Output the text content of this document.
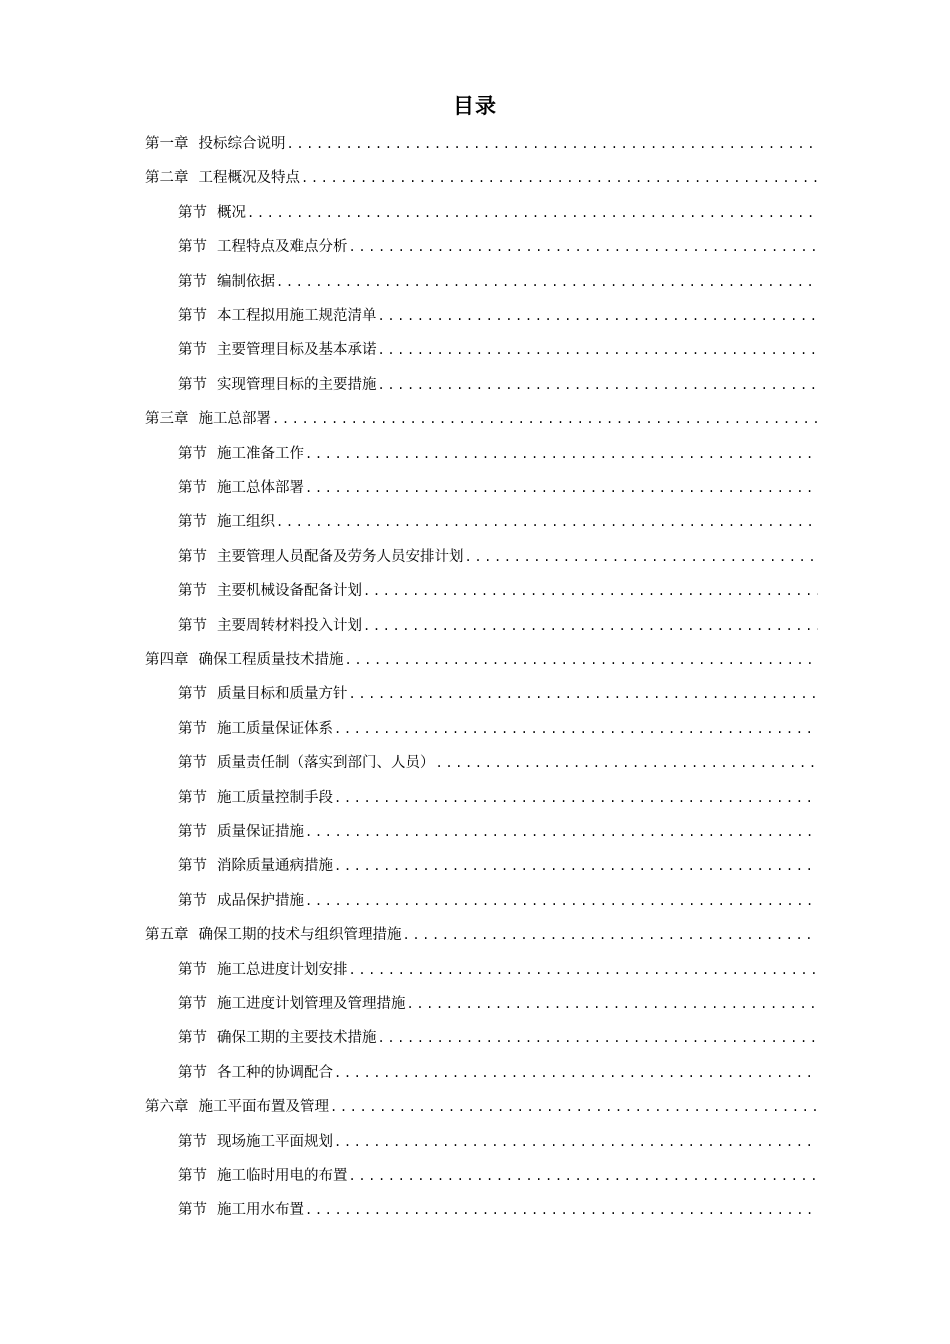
目录
第一章 投标综合说明
.....
第二章 工程概况及特点
.....
第节 概况
.....
第节 工程特点及难点分析
.....
第节 编制依据
.....
第节 本工程拟用施工规范清单
.....
第节 主要管理目标及基本承诺
.....
第节 实现管理目标的主要措施
.....
第三章 施工总部署
.....
第节 施工准备工作
.....
第节 施工总体部署
.....
第节 施工组织
.....
第节 主要管理人员配备及劳务人员安排计划
.....
第节 主要机械设备配备计划
.....
第节 主要周转材料投入计划
.....
第四章 确保工程质量技术措施
.....
第节 质量目标和质量方针
.....
第节 施工质量保证体系
.....
第节 质量责任制（落实到部门、人员）
.....
第节 施工质量控制手段
.....
第节 质量保证措施
.....
第节 消除质量通病措施
.....
第节 成品保护措施
.....
第五章 确保工期的技术与组织管理措施
.....
第节 施工总进度计划安排
.....
第节 施工进度计划管理及管理措施
.....
第节 确保工期的主要技术措施
.....
第节 各工种的协调配合
.....
第六章 施工平面布置及管理
.....
第节 现场施工平面规划
.....
第节 施工临时用电的布置
.....
第节 施工用水布置
.....
